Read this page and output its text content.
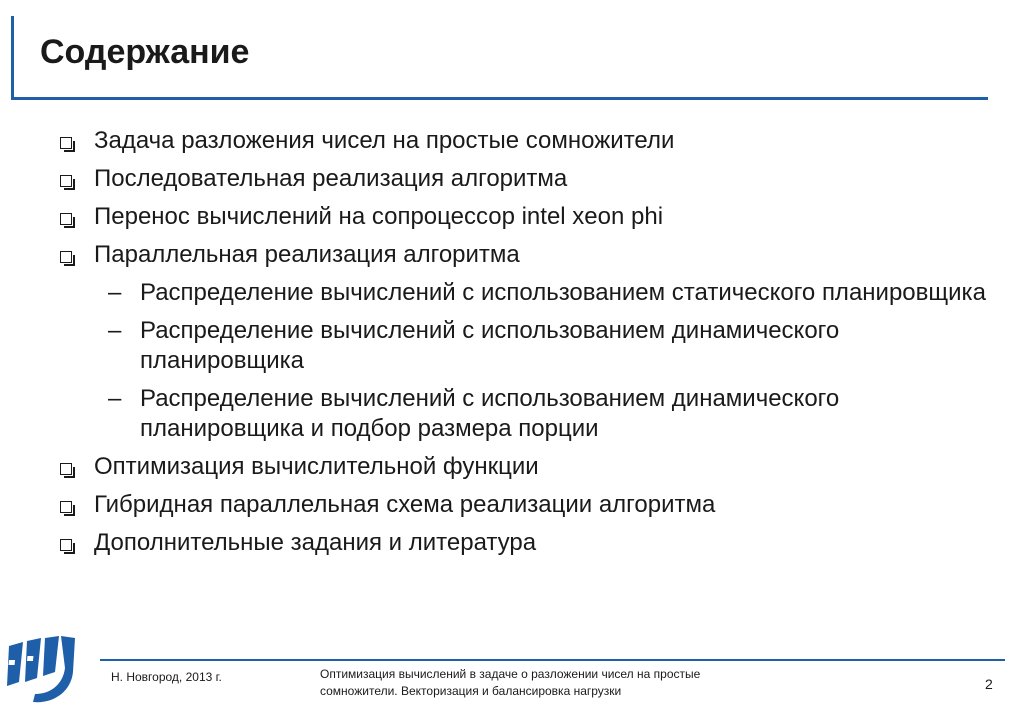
Содержание
Задача разложения чисел на простые сомножители
Последовательная реализация алгоритма
Перенос вычислений на сопроцессор intel xeon phi
Параллельная реализация алгоритма
– Распределение вычислений с использованием статического планировщика
– Распределение вычислений с использованием динамического планировщика
– Распределение вычислений с использованием динамического планировщика и подбор размера порции
Оптимизация вычислительной функции
Гибридная параллельная схема реализации алгоритма
Дополнительные задания и литература
Н. Новгород, 2013 г.	Оптимизация вычислений в задаче о разложении чисел на простые сомножители. Векторизация и балансировка нагрузки	2
